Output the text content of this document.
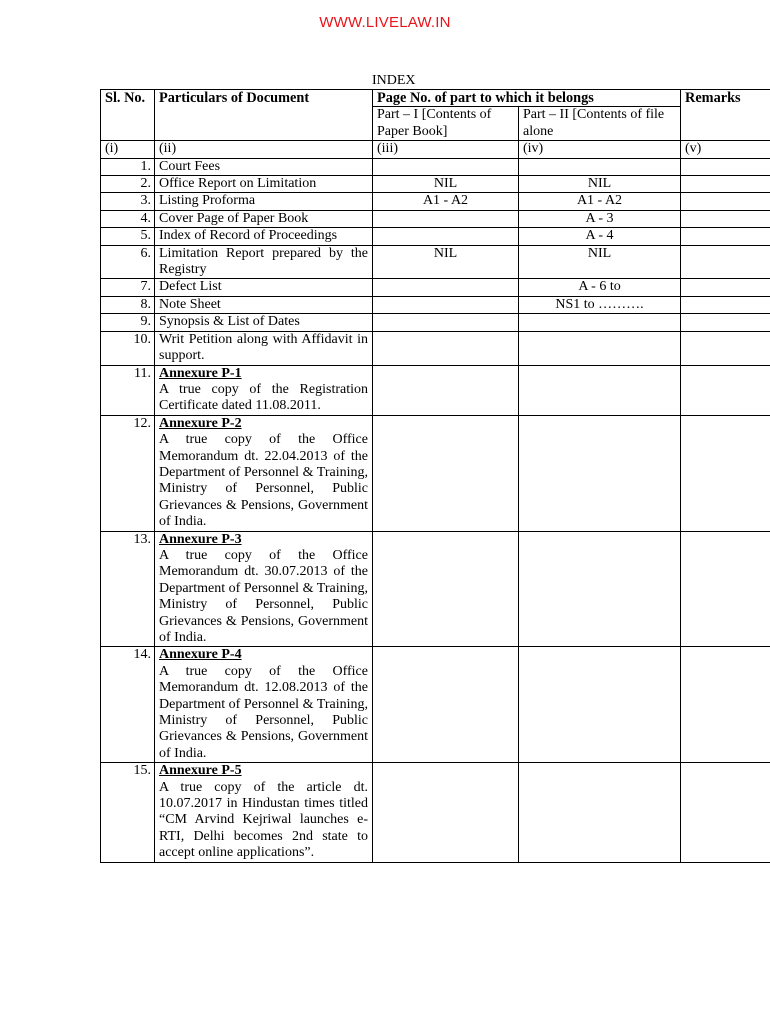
WWW.LIVELAW.IN
INDEX
Sl. No.	Particulars of Document	Page No. of part to which it belongs		Remarks
		Part – I [Contents of Paper Book]	Part – II [Contents of file alone	
(i)	(ii)	(iii)	(iv)	(v)
1.	Court Fees			
2.	Office Report on Limitation	NIL	NIL	
3.	Listing Proforma	A1 - A2	A1 - A2	
4.	Cover Page of Paper Book		A - 3	
5.	Index of Record of Proceedings		A - 4	
6.	Limitation Report prepared by the Registry	NIL	NIL	
7.	Defect List		A - 6 to	
8.	Note Sheet		NS1 to ……….	
9.	Synopsis & List of Dates			
10.	Writ Petition along with Affidavit in support.			
11.	Annexure P-1
A true copy of the Registration Certificate dated 11.08.2011.			

12.	Annexure P-2
A true copy of the Office Memorandum dt. 22.04.2013 of the Department of Personnel & Training, Ministry of Personnel, Public Grievances & Pensions, Government of India.			

13.	Annexure P-3
A true copy of the Office Memorandum dt. 30.07.2013 of the Department of Personnel & Training, Ministry of Personnel, Public Grievances & Pensions, Government of India.			

14.	Annexure P-4
A true copy of the Office Memorandum dt. 12.08.2013 of the Department of Personnel & Training, Ministry of Personnel, Public Grievances & Pensions, Government of India.			

15.	Annexure P-5
A true copy of the article dt. 10.07.2017 in Hindustan times titled “CM Arvind Kejriwal launches e-RTI, Delhi becomes 2nd state to accept online applications”.			
